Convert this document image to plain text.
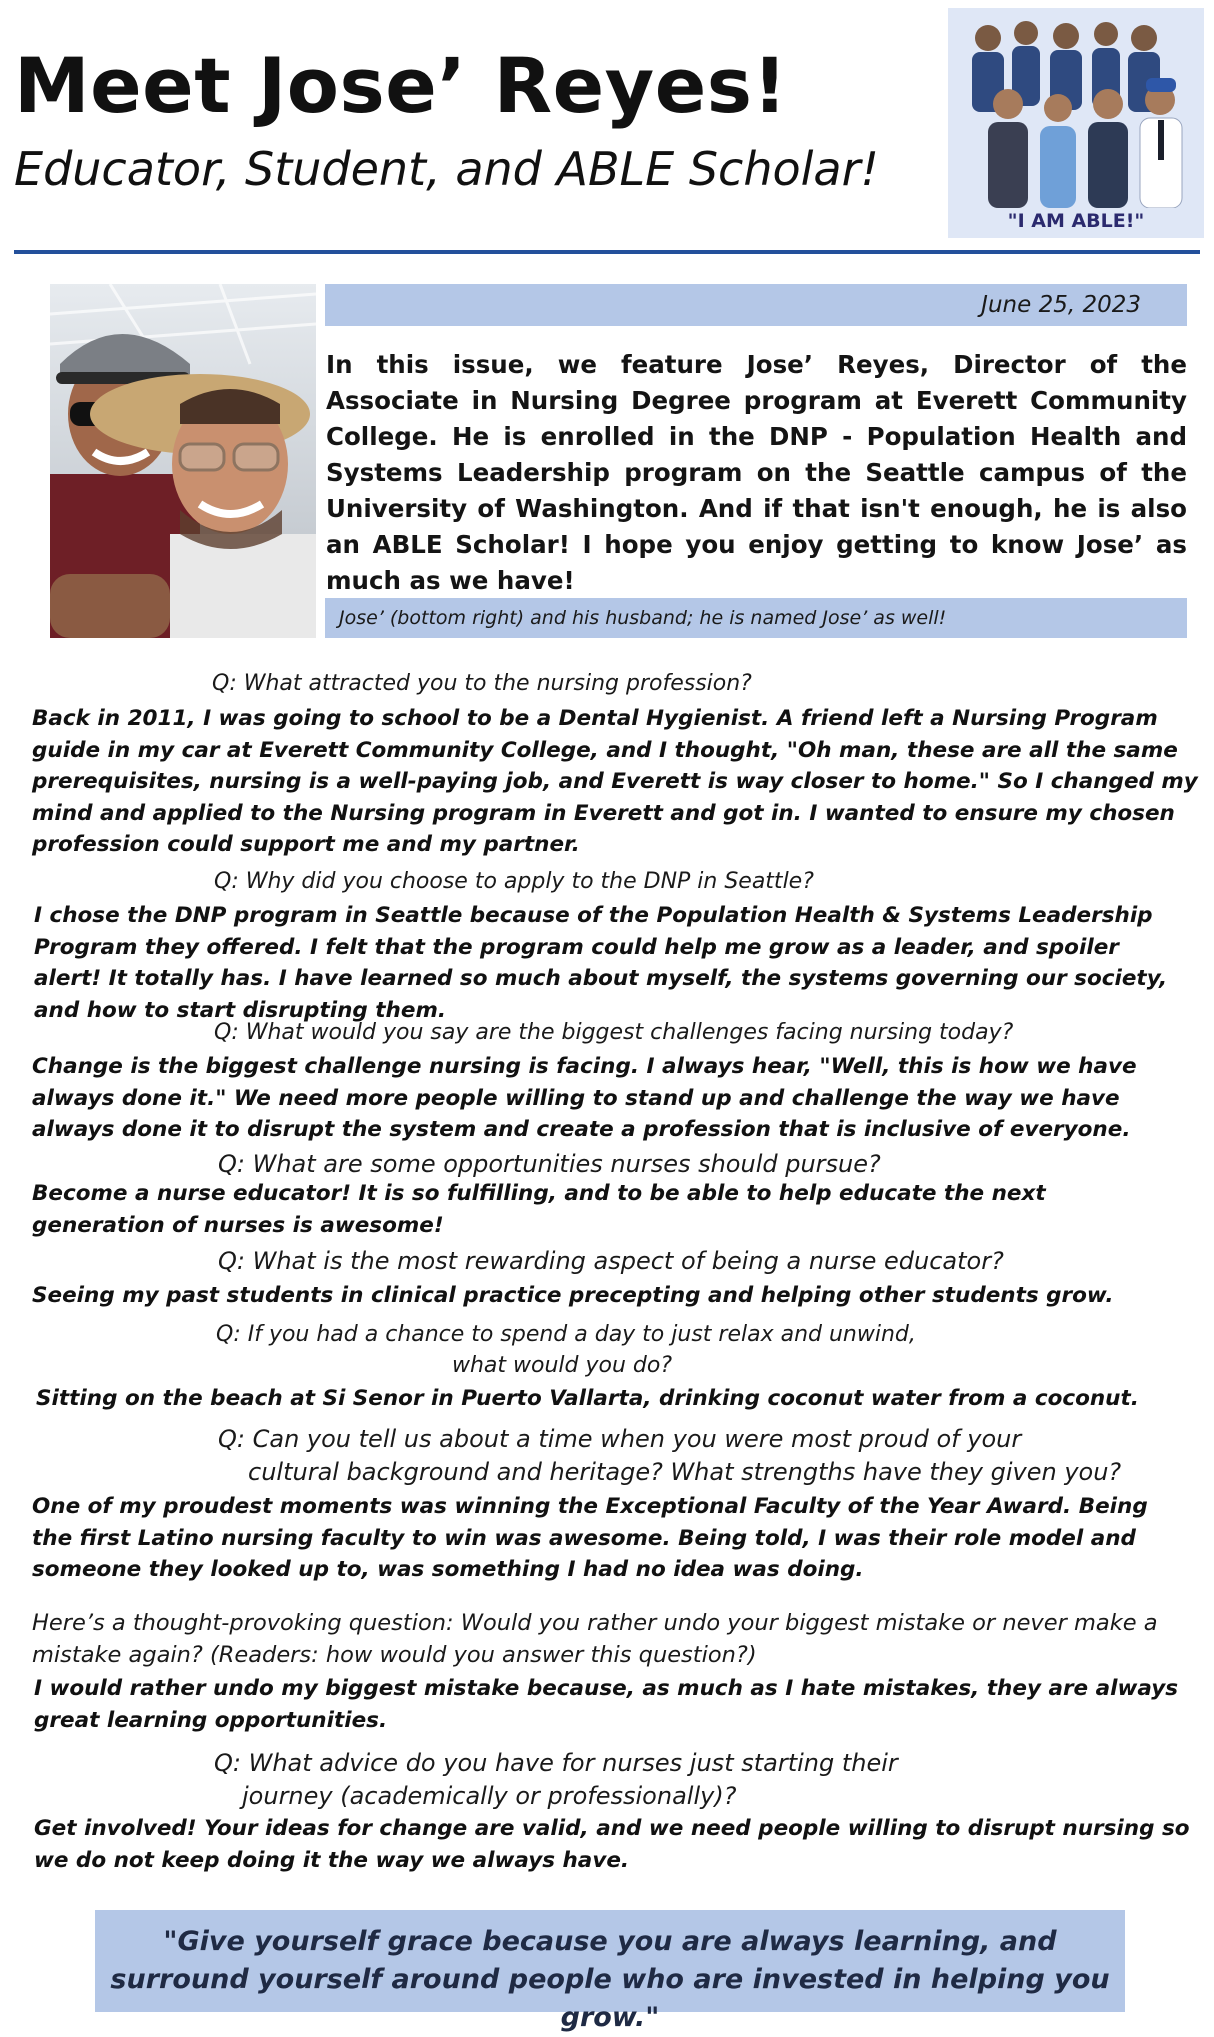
Meet Jose’ Reyes!
Educator, Student, and ABLE Scholar!
"I AM ABLE!"
June 25, 2023
In this issue, we feature Jose’ Reyes, Director of the Associate in Nursing Degree program at Everett Community College. He is enrolled in the DNP - Population Health and Systems Leadership program on the Seattle campus of the University of Washington. And if that isn't enough, he is also an ABLE Scholar! I hope you enjoy getting to know Jose’ as much as we have!
Jose’ (bottom right) and his husband; he is named Jose’ as well!
Q: What attracted you to the nursing profession?
Back in 2011, I was going to school to be a Dental Hygienist. A friend left a Nursing Program guide in my car at Everett Community College, and I thought, "Oh man, these are all the same prerequisites, nursing is a well-paying job, and Everett is way closer to home." So I changed my mind and applied to the Nursing program in Everett and got in. I wanted to ensure my chosen profession could support me and my partner.
Q: Why did you choose to apply to the DNP in Seattle?
I chose the DNP program in Seattle because of the Population Health & Systems Leadership Program they offered. I felt that the program could help me grow as a leader, and spoiler alert! It totally has. I have learned so much about myself, the systems governing our society, and how to start disrupting them.
Q: What would you say are the biggest challenges facing nursing today?
Change is the biggest challenge nursing is facing. I always hear, "Well, this is how we have always done it." We need more people willing to stand up and challenge the way we have always done it to disrupt the system and create a profession that is inclusive of everyone.
Q: What are some opportunities nurses should pursue?
Become a nurse educator! It is so fulfilling, and to be able to help educate the next generation of nurses is awesome!
Q: What is the most rewarding aspect of being a nurse educator?
Seeing my past students in clinical practice precepting and helping other students grow.
Q: If you had a chance to spend a day to just relax and unwind,
what would you do?
Sitting on the beach at Si Senor in Puerto Vallarta, drinking coconut water from a coconut.
Q: Can you tell us about a time when you were most proud of your
cultural background and heritage? What strengths have they given you?
One of my proudest moments was winning the Exceptional Faculty of the Year Award. Being the first Latino nursing faculty to win was awesome. Being told, I was their role model and someone they looked up to, was something I had no idea was doing.
Here’s a thought-provoking question: Would you rather undo your biggest mistake or never make a
mistake again? (Readers: how would you answer this question?)
I would rather undo my biggest mistake because, as much as I hate mistakes, they are always great learning opportunities.
Q: What advice do you have for nurses just starting their
journey (academically or professionally)?
Get involved! Your ideas for change are valid, and we need people willing to disrupt nursing so we do not keep doing it the way we always have.
"Give yourself grace because you are always learning, and surround yourself around people who are invested in helping you grow."
